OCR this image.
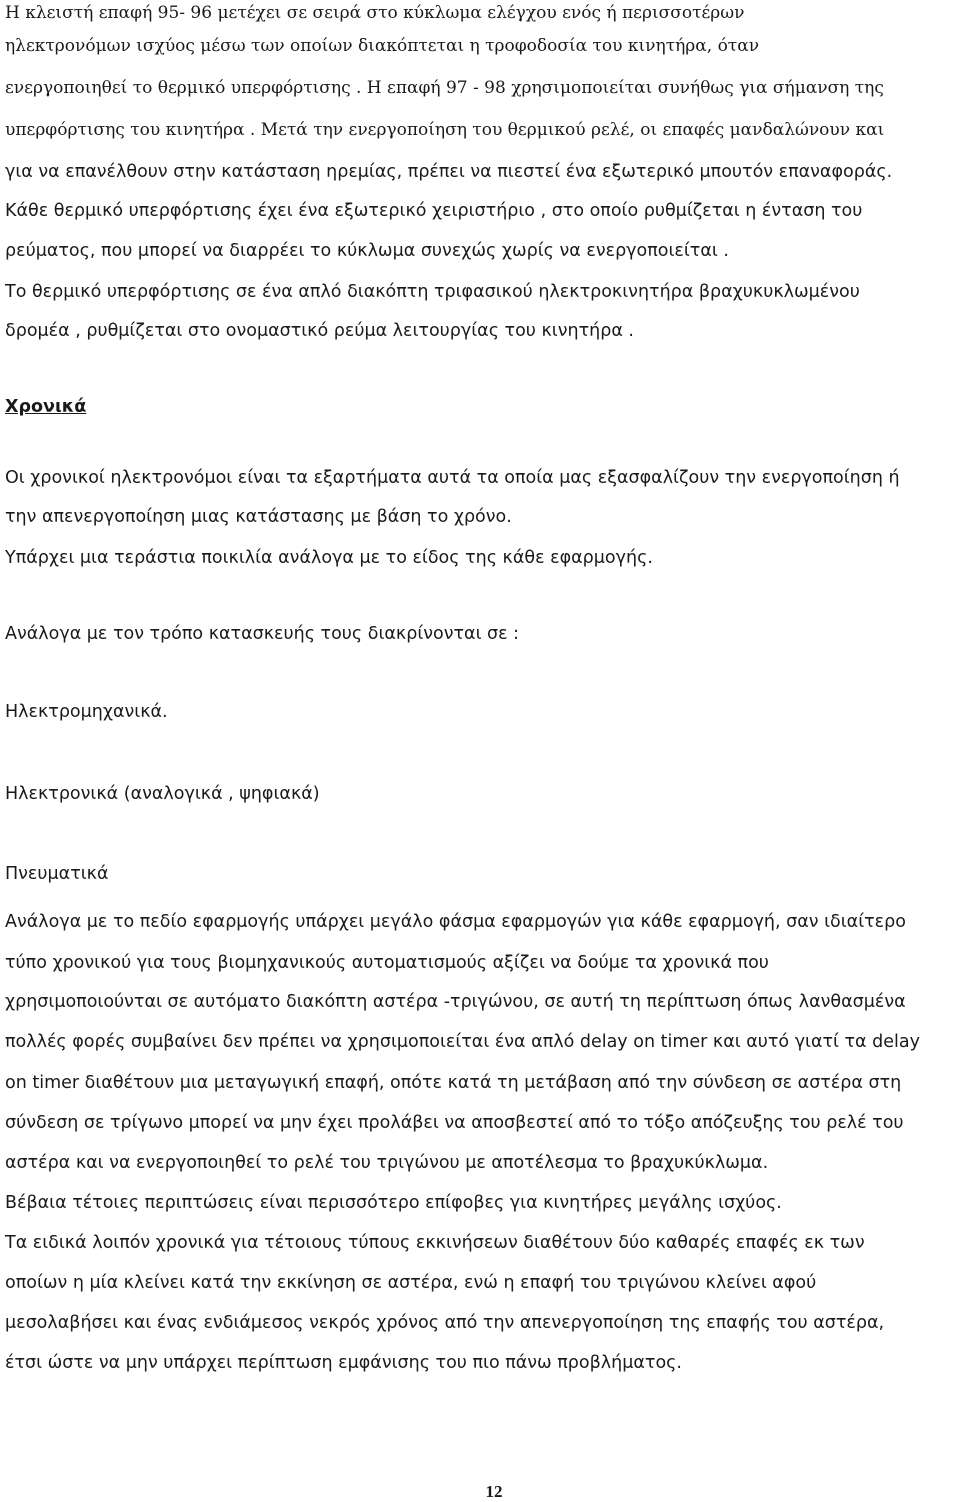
Η κλειστή επαφή 95- 96 μετέχει σε σειρά στο κύκλωμα ελέγχου ενός ή περισσοτέρων

ηλεκτρονόμων ισχύος μέσω των οποίων διακόπτεται η τροφοδοσία του κινητήρα, όταν

ενεργοποιηθεί το θερμικό υπερφόρτισης . Η επαφή 97 - 98 χρησιμοποιείται συνήθως για σήμανση της

υπερφόρτισης του κινητήρα . Μετά την ενεργοποίηση του θερμικού ρελέ, οι επαφές μανδαλώνουν και

για να επανέλθουν στην κατάσταση ηρεμίας, πρέπει να πιεστεί ένα εξωτερικό μπουτόν επαναφοράς.

Κάθε θερμικό υπερφόρτισης έχει ένα εξωτερικό χειριστήριο , στο οποίο ρυθμίζεται η ένταση του

ρεύματος, που μπορεί να διαρρέει το κύκλωμα συνεχώς χωρίς να ενεργοποιείται .

Το θερμικό υπερφόρτισης σε ένα απλό διακόπτη τριφασικού ηλεκτροκινητήρα βραχυκυκλωμένου

δρομέα , ρυθμίζεται στο ονομαστικό ρεύμα λειτουργίας του κινητήρα .

Χρονικά

Οι χρονικοί ηλεκτρονόμοι είναι τα εξαρτήματα αυτά τα οποία μας εξασφαλίζουν την ενεργοποίηση ή

την απενεργοποίηση μιας κατάστασης με βάση το χρόνο.

Υπάρχει μια τεράστια ποικιλία ανάλογα με το είδος της κάθε εφαρμογής.

Ανάλογα με τον τρόπο κατασκευής τους διακρίνονται σε :

Ηλεκτρομηχανικά.

Ηλεκτρονικά (αναλογικά , ψηφιακά)

Πνευματικά

Ανάλογα με το πεδίο εφαρμογής υπάρχει μεγάλο φάσμα εφαρμογών για κάθε εφαρμογή, σαν ιδιαίτερο

τύπο χρονικού για τους βιομηχανικούς αυτοματισμούς αξίζει να δούμε τα χρονικά που

χρησιμοποιούνται σε αυτόματο διακόπτη αστέρα -τριγώνου, σε αυτή τη περίπτωση όπως λανθασμένα

πολλές φορές συμβαίνει δεν πρέπει να χρησιμοποιείται ένα απλό delay on timer και αυτό γιατί τα delay

on timer διαθέτουν μια μεταγωγική επαφή, οπότε κατά τη μετάβαση από την σύνδεση σε αστέρα στη

σύνδεση σε τρίγωνο μπορεί να μην έχει προλάβει να αποσβεστεί από το τόξο απόζευξης του ρελέ του

αστέρα και να ενεργοποιηθεί το ρελέ του τριγώνου με αποτέλεσμα το βραχυκύκλωμα.

Βέβαια τέτοιες περιπτώσεις είναι περισσότερο επίφοβες για κινητήρες μεγάλης ισχύος.

Τα ειδικά λοιπόν χρονικά για τέτοιους τύπους εκκινήσεων διαθέτουν δύο καθαρές επαφές εκ των

οποίων η μία κλείνει κατά την εκκίνηση σε αστέρα, ενώ η επαφή του τριγώνου κλείνει αφού

μεσολαβήσει και ένας ενδιάμεσος νεκρός χρόνος από την απενεργοποίηση της επαφής του αστέρα,

έτσι ώστε να μην υπάρχει περίπτωση εμφάνισης του πιο πάνω προβλήματος.

12
